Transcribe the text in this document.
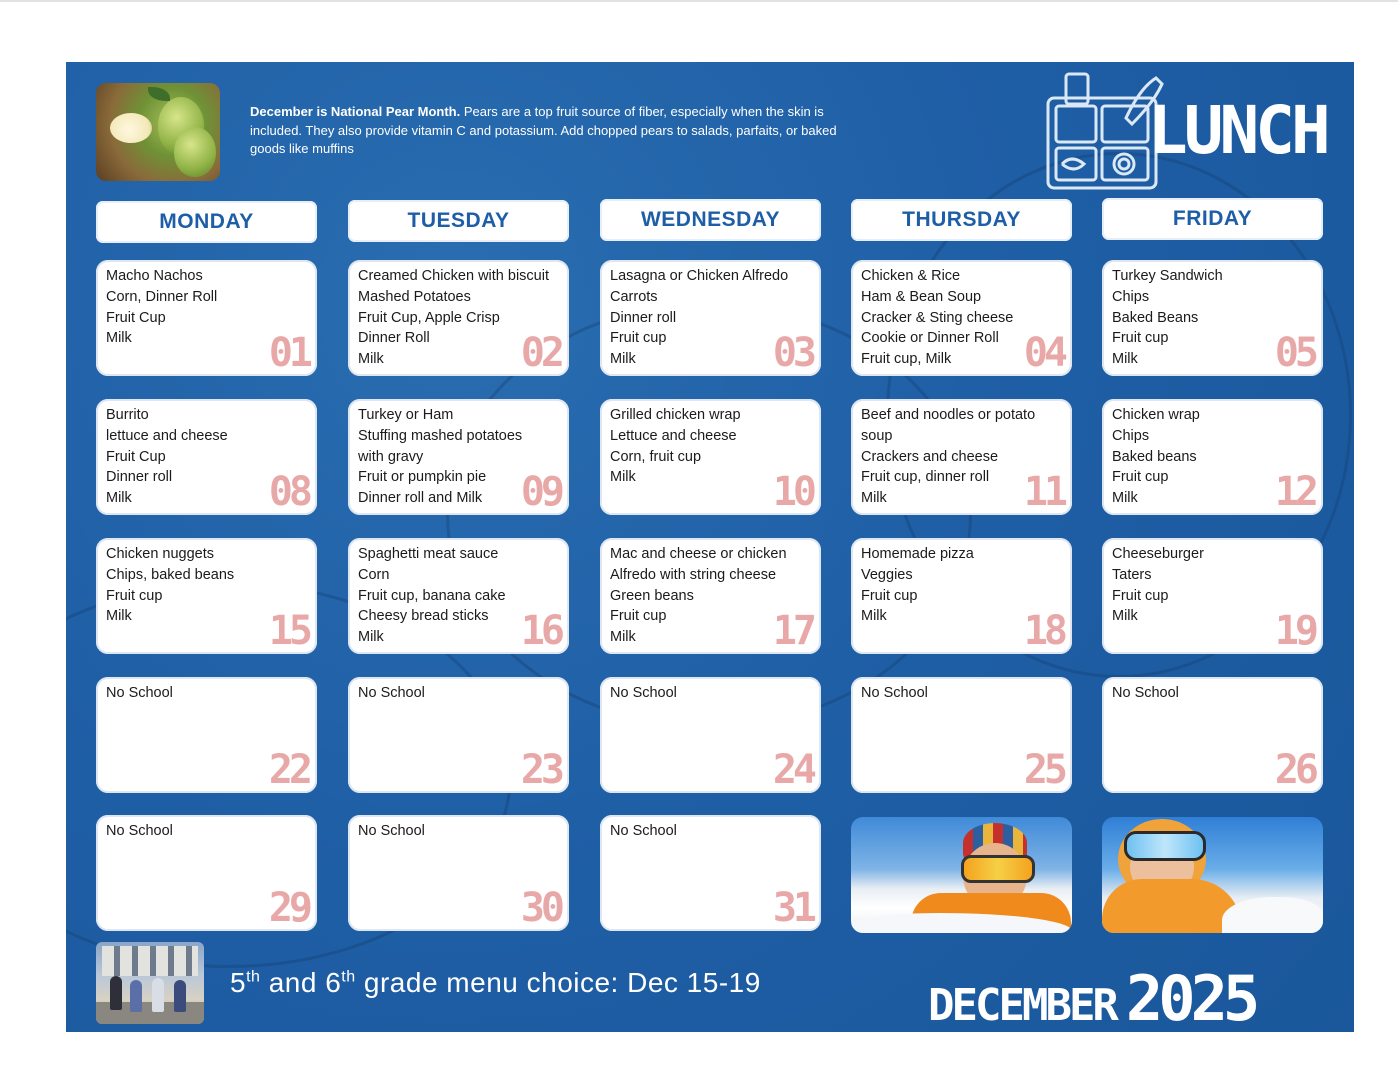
December is National Pear Month. Pears are a top fruit source of fiber, especially when the skin is included. They also provide vitamin C and potassium. Add chopped pears to salads, parfaits, or baked goods like muffins	LUNCH
MONDAY	TUESDAY	WEDNESDAY	THURSDAY	FRIDAY
Macho Nachos
Corn, Dinner Roll
Fruit Cup
Milk	01
Creamed Chicken with biscuit
Mashed Potatoes
Fruit Cup, Apple Crisp
Dinner Roll
Milk	02
Lasagna or Chicken Alfredo
Carrots
Dinner roll
Fruit cup
Milk	03
Chicken & Rice
Ham & Bean Soup
Cracker & Sting cheese
Cookie or Dinner Roll
Fruit cup, Milk	04
Turkey Sandwich
Chips
Baked Beans
Fruit cup
Milk	05
Burrito
lettuce and cheese
Fruit Cup
Dinner roll
Milk	08
Turkey or Ham
Stuffing mashed potatoes
with gravy
Fruit or pumpkin pie
Dinner roll and Milk 09
Grilled chicken wrap
Lettuce and cheese
Corn, fruit cup
Milk	10
Beef and noodles or potato
soup
Crackers and cheese
Fruit cup, dinner roll
Milk	11
Chicken wrap
Chips
Baked beans
Fruit cup
Milk	12
Chicken nuggets
Chips, baked beans
Fruit cup
Milk	15
Spaghetti meat sauce
Corn
Fruit cup, banana cake
Cheesy bread sticks
Milk	16
Mac and cheese or chicken
Alfredo with string cheese
Green beans
Fruit cup
Milk	17
Homemade pizza
Veggies
Fruit cup
Milk	18
Cheeseburger
Taters
Fruit cup
Milk	19
No School
22
No School
23
No School
24
No School
25
No School
26
No School
29
No School
30
No School
31
5th and 6th grade menu choice: Dec 15-19	DECEMBER 2025
